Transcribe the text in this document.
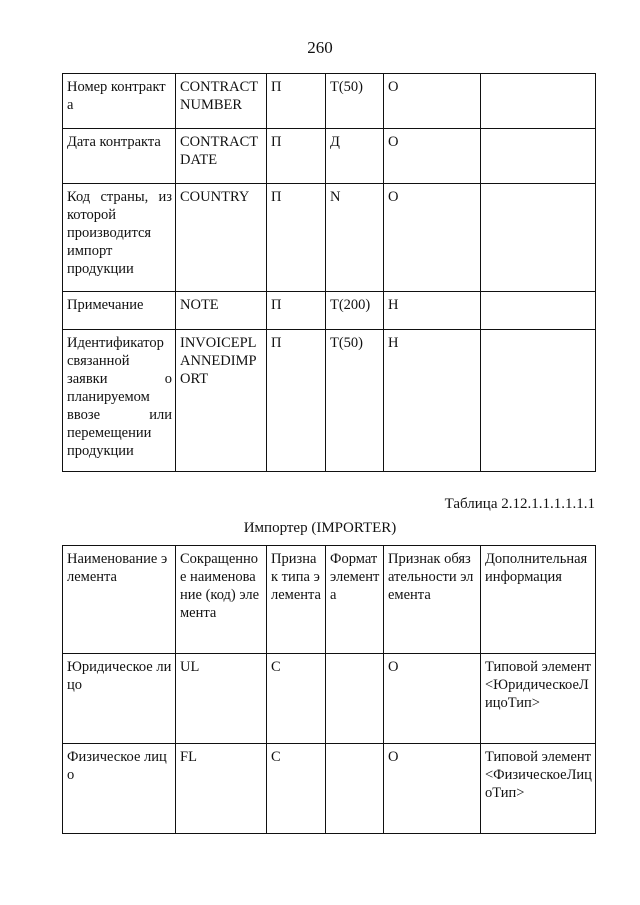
260
Номер контракта	CONTRACT NUMBER	П	Т(50)	О	
Дата контракта	CONTRACT DATE	П	Д	О	
Код страны, из которой производится импорт продукции	COUNTRY	П	N	О	
Примечание	NOTE	П	Т(200)	Н	
Идентификатор связанной заявки о планируемом ввозе или перемещении продукции	INVOICEPLANNEDIMPORT	П	Т(50)	Н	
Таблица 2.12.1.1.1.1.1.1
Импортер (IMPORTER)
Наименование элемента	Сокращенное наименование (код) элемента	Признак типа элемента	Формат элемента	Признак обязательности элемента	Дополнительная информация
Юридическое лицо	UL	С		О	Типовой элемент <ЮридическоеЛицоТип>
Физическое лицо	FL	С		О	Типовой элемент <ФизическоеЛицоТип>
